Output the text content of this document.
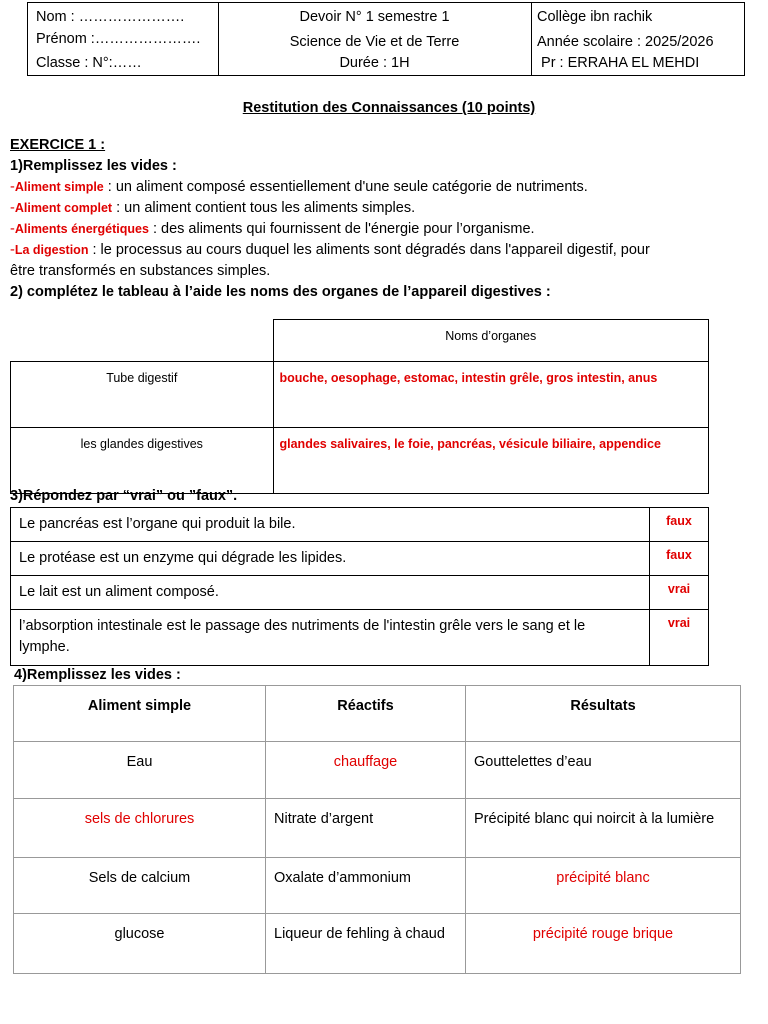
Nom : ………………….
Prénom :………………….
Classe : N°:……
Devoir N° 1 semestre 1
Science de Vie et de Terre
Durée : 1H
Collège ibn rachik
Année scolaire : 2025/2026
Pr : ERRAHA EL MEHDI
Restitution des Connaissances (10 points)
EXERCICE 1 :
1)Remplissez les vides :
-Aliment simple : un aliment composé essentiellement d'une seule catégorie de nutriments.
-Aliment complet : un aliment contient tous les aliments simples.
-Aliments énergétiques : des aliments qui fournissent de l'énergie pour l’organisme.
-La digestion : le processus au cours duquel les aliments sont dégradés dans l'appareil digestif, pour
être transformés en substances simples.
2) complétez le tableau à l’aide les noms des organes de l’appareil digestives :
	Noms d’organes
Tube digestif	bouche, oesophage, estomac, intestin grêle, gros intestin, anus
les glandes digestives	glandes salivaires, le foie, pancréas, vésicule biliaire, appendice
3)Répondez par “vrai” ou ”faux”.
Le pancréas est l’organe qui produit la bile.	faux
Le protéase est un enzyme qui dégrade les lipides.	faux
Le lait est un aliment composé.	vrai
l’absorption intestinale est le passage des nutriments de l'intestin grêle vers le sang et le lymphe.	vrai
4)Remplissez les vides :
Aliment simple	Réactifs	Résultats
Eau	chauffage	Gouttelettes d’eau
sels de chlorures	Nitrate d’argent	Précipité blanc qui noircit à la lumière
Sels de calcium	Oxalate d’ammonium	précipité blanc
glucose	Liqueur de fehling à chaud	précipité rouge brique
